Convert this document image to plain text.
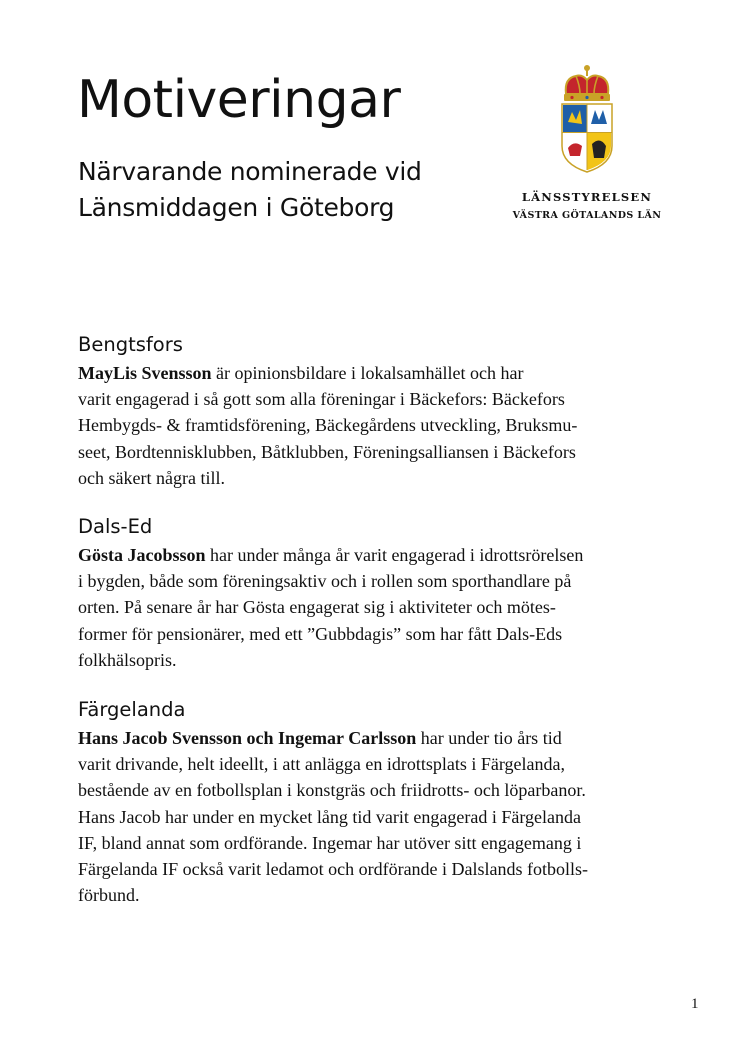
Motiveringar
Närvarande nominerade vid
Länsmiddagen i Göteborg	LÄNSSTYRELSEN
VÄSTRA GÖTALANDS LÄN
Bengtsfors
MayLis Svensson är opinionsbildare i lokalsamhället och har
varit engagerad i så gott som alla föreningar i Bäckefors: Bäckefors
Hembygds- & framtidsförening, Bäckegårdens utveckling, Bruksmu-
seet, Bordtennisklubben, Båtklubben, Föreningsalliansen i Bäckefors
och säkert några till.
Dals-Ed
Gösta Jacobsson har under många år varit engagerad i idrottsrörelsen
i bygden, både som föreningsaktiv och i rollen som sporthandlare på
orten. På senare år har Gösta engagerat sig i aktiviteter och mötes-
former för pensionärer, med ett ”Gubbdagis” som har fått Dals-Eds
folkhälsopris.
Färgelanda
Hans Jacob Svensson och Ingemar Carlsson har under tio års tid
varit drivande, helt ideellt, i att anlägga en idrottsplats i Färgelanda,
bestående av en fotbollsplan i konstgräs och friidrotts- och löparbanor.
Hans Jacob har under en mycket lång tid varit engagerad i Färgelanda
IF, bland annat som ordförande. Ingemar har utöver sitt engagemang i
Färgelanda IF också varit ledamot och ordförande i Dalslands fotbolls-
förbund.
1
